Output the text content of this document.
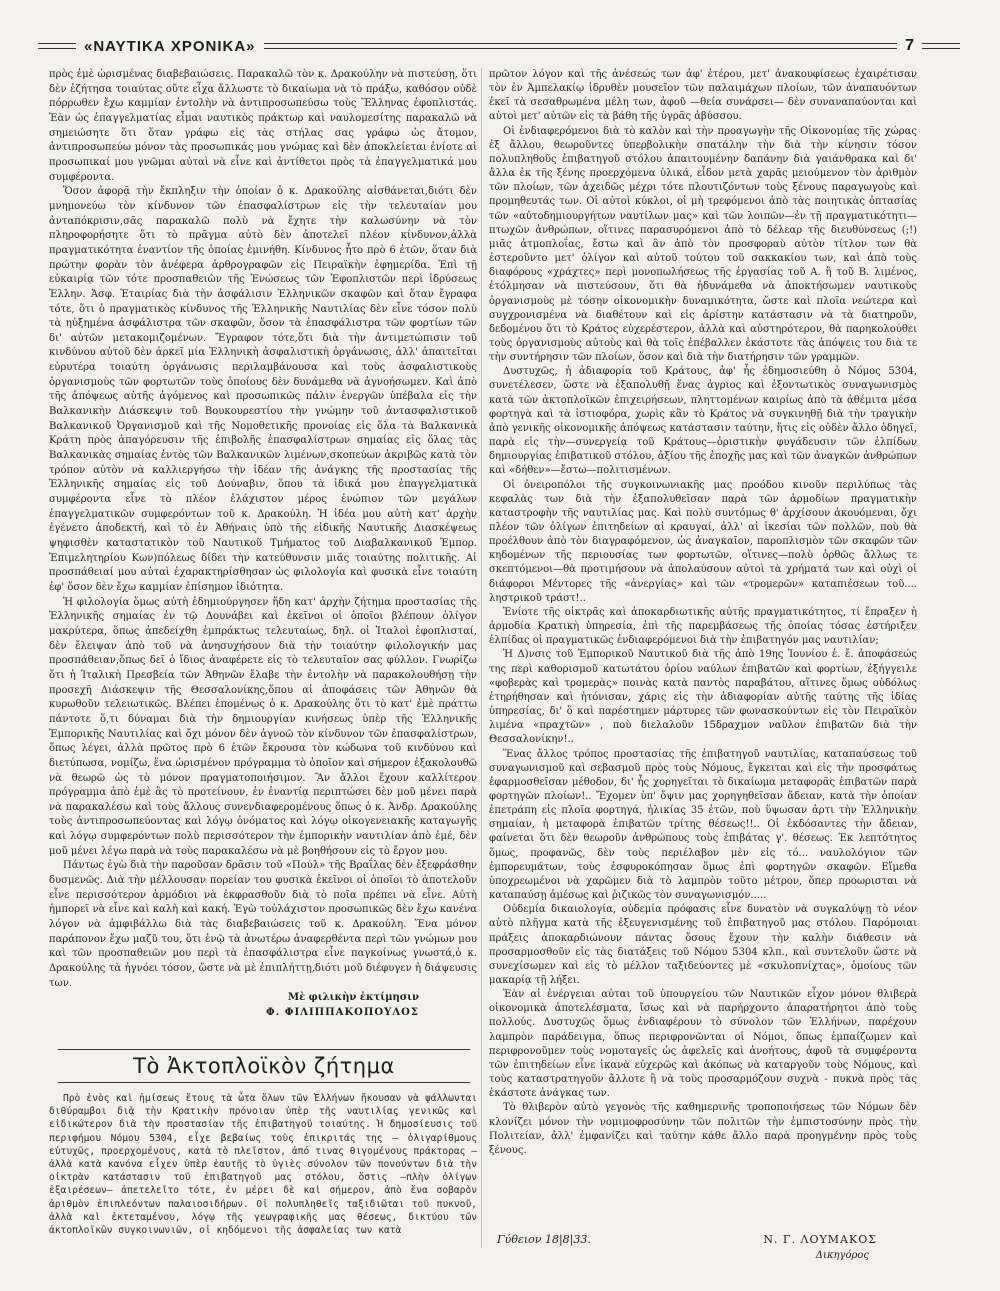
«ΝΑΥΤΙΚΑ ΧΡΟΝΙΚΑ»	7

πρὸς ἐμὲ ὡρισμένας διαβεβαιώσεις. Παρακαλῶ τὸν κ. Δρακούλην νὰ πιστεύσῃ, ὅτι δὲν ἐζήτησα τοιαύτας οὔτε εἶχα ἄλλωστε τὸ δικαίωμα νὰ τὸ πράξω, καθόσον οὐδὲ πόρρωθεν ἔχω καμμίαν ἐντολὴν νὰ ἀντιπροσωπεύσω τοὺς Ἕλληνας ἐφοπλιστάς. Ἐὰν ὡς ἐπαγγελματίας εἶμαι ναυτικὸς πράκτωρ καὶ ναυλομεσίτης παρακαλῶ νὰ σημειώσητε ὅτι ὅταν γράφω εἰς τὰς στήλας σας γράφω ὡς ἄτομον, ἀντιπροσωπεύω μόνον τὰς προσωπικάς μου γνώμας καὶ δὲν ἀποκλείεται ἐνίοτε αἱ προσωπικαί μου γνῶμαι αὐταὶ νὰ εἶνε καὶ ἀντίθετοι πρὸς τὰ ἐπαγγελματικά μου συμφέροντα.

Ὅσον ἀφορᾷ τὴν ἔκπληξιν τὴν ὁποίαν ὁ κ. Δρακούλης αἰσθάνεται,διότι δὲν μνημονεύω τὸν κίνδυνον τῶν ἐπασφαλίστρων εἰς τὴν τελευταίαν μου ἀνταπόκρισιν,σᾶς παρακαλῶ πολὺ νὰ ἔχητε τὴν καλωσύνην νὰ τὸν πληροφορήσητε ὅτι τὸ πρᾶγμα αὐτὸ δὲν ἀποτελεῖ πλέον κίνδυνον,ἀλλὰ πραγματικότητα ἐναντίον τῆς ὁποίας ἐμινήθη. Κίνδυνος ἦτο πρὸ 6 ἐτῶν, ὅταν διὰ πρώτην φορὰν τὸν ἀνέφερα ἀρθρογραφῶν εἰς Πειραϊκὴν ἐφημερίδα. Ἐπὶ τῇ εὐκαιρίᾳ τῶν τότε προσπαθειῶν τῆς Ἑνώσεως τῶν Ἐφοπλιστῶν περὶ ἱδρύσεως Ἑλλην. Ἀσφ. Ἑταιρίας διὰ τὴν ἀσφάλισιν Ἑλληνικῶν σκαφῶν καὶ ὅταν ἔγραφα τότε, ὅτι ὁ πραγματικὸς κίνδυνος τῆς Ἑλληνικῆς Ναυτιλίας δὲν εἶνε τόσον πολὺ τὰ ηὐξημένα ἀσφάλιστρα τῶν σκαφῶν, ὅσον τὰ ἐπασφάλιστρα τῶν φορτίων τῶν δι' αὐτῶν μετακομιζομένων. Ἔγραφον τότε,ὅτι διὰ τὴν ἀντιμετώπισιν τοῦ κινδύνου αὐτοῦ δὲν ἀρκεῖ μία Ἑλληνικὴ ἀσφαλιστικὴ ὀργάνωσις, ἀλλ' ἀπαιτεῖται εὐρυτέρα τοιαύτη ὀργάνωσις περιλαμβάνουσα καὶ τοὺς ἀσφαλιστικοὺς ὀργανισμοὺς τῶν φορτωτῶν τοὺς ὁποίους δὲν δυνάμεθα νὰ ἀγνοήσωμεν. Καὶ ἀπὸ τῆς ἀπόψεως αὐτῆς ἀγόμενος καὶ προσωπικῶς πάλιν ἐνεργῶν ὑπέβαλα εἰς τὴν Βαλκανικὴν Διάσκεψιν τοῦ Βουκουρεστίου τὴν γνώμην τοῦ ἀντασφαλιστικοῦ Βαλκανικοῦ Ὀργανισμοῦ καὶ τῆς Νομοθετικῆς προνοίας εἰς ὅλα τὰ Βαλκανικὰ Κράτη πρὸς ἀπαγόρευσιν τῆς ἐπιβολῆς ἐπασφαλίστρων σημαίας εἰς ὅλας τὰς Βαλκανικὰς σημαίας ἐντὸς τῶν Βαλκανικῶν λιμένων,σκοπεύων ἀκριβῶς κατὰ τὸν τρόπον αὐτὸν νὰ καλλιεργήσω τὴν ἰδέαν τῆς ἀνάγκης τῆς προστασίας τῆς Ἑλληνικῆς σημαίας εἰς τοῦ Δούναβιν, ὅπου τὰ ἰδικά μου ἐπαγγελματικὰ συμφέροντα εἶνε τὸ πλέον ἐλάχιστον μέρος ἐνώπιον τῶν μεγάλων ἐπαγγελματικῶν συμφερόντων τοῦ κ. Δρακούλη. Ἡ ἰδέα μου αὐτὴ κατ' ἀρχὴν ἐγένετο ἀποδεκτή, καὶ τὸ ἐν Ἀθήναις ὑπὸ τῆς εἰδικῆς Ναυτικῆς Διασκέψεως ψηφισθὲν καταστατικὸν τοῦ Ναυτικοῦ Τμήματος τοῦ Διαβαλκανικοῦ Ἐμπορ. Ἐπιμελητηρίου Κων)πόλεως δίδει τὴν κατεύθυνσιν μιᾶς τοιαύτης πολιτικῆς. Αἱ προσπάθειαί μου αὐταὶ ἐχαρακτηρίσθησαν ὡς φιλολογία καὶ φυσικὰ εἶνε τοιαύτη ἐφ' ὅσον δὲν ἔχω καμμίαν ἐπίσημον ἰδιότητα.

Ἡ φιλολογία ὅμως αὐτὴ ἐδημιούργησεν ἤδη κατ' ἀρχὴν ζήτημα προστασίας τῆς Ἑλληνικῆς σημαίας ἐν τῷ Δουνάβει καὶ ἐκεῖνοι οἱ ὁποῖοι βλέπουν ὀλίγον μακρύτερα, ὅπως ἀπεδείχθη ἐμπράκτως τελευταίως, δηλ. οἱ Ἰταλοὶ ἐφοπλισταί, δὲν ἔλειψαν ἀπὸ τοῦ νὰ ἀνησυχήσουν διὰ τὴν τοιαύτην φιλολογικήν μας προσπάθειαν,ὅπως δεῖ ὁ ἴδιος ἀναφέρετε εἰς τὸ τελευταῖον σας φύλλον. Γνωρίζω ὅτι ἡ Ἰταλικὴ Πρεσβεία τῶν Ἀθηνῶν ἔλαβε τὴν ἐντολὴν νὰ παρακολουθήσῃ τὴν προσεχῆ Διάσκεψιν τῆς Θεσσαλονίκης,ὅπου αἱ ἀποφάσεις τῶν Ἀθηνῶν θὰ κυρωθοῦν τελειωτικῶς. Βλέπει ἑπομένως ὁ κ. Δρακούλης ὅτι τὸ κατ' ἐμὲ πράττω πάντοτε ὅ,τι δύναμαι διὰ τὴν δημιουργίαν κινήσεως ὑπὲρ τῆς Ἑλληνικῆς Ἐμπορικῆς Ναυτιλίας καὶ ὄχι μόνον δὲν ἀγνοῶ τὸν κίνδυνον τῶν ἐπασφαλίστρων, ὅπως λέγει, ἀλλὰ πρῶτος πρὸ 6 ἐτῶν ἔκρουσα τὸν κώδωνα τοῦ κινδύνου καὶ διετύπωσα, νομίζω, ἕνα ὡρισμένον πρόγραμμα τὸ ὁποῖον καὶ σήμερον ἐξακολουθῶ νὰ θεωρῶ ὡς τὸ μόνον πραγματοποιήσιμον. Ἂν ἄλλοι ἔχουν καλλίτερον πρόγραμμα ἀπὸ ἐμὲ ἂς τὸ προτείνουν, ἐν ἐναντίᾳ περιπτώσει δὲν μοῦ μένει παρὰ νὰ παρακαλέσω καὶ τοὺς ἄλλους συνενδιαφερομένους ὅπως ὁ κ. Ἀνδρ. Δρακούλης τοὺς ἀντιπροσωπεύοντας καὶ λόγῳ ὀνόματος καὶ λόγῳ οἰκογενειακῆς καταγωγῆς καὶ λόγῳ συμφερόντων πολὺ περισσότερον τὴν ἐμπορικὴν ναυτιλίαν ἀπὸ ἐμέ, δὲν μοῦ μένει λέγω παρὰ νὰ τοὺς παρακαλέσω νὰ μὲ βοηθήσουν εἰς τὸ ἔργον μου.

Πάντως ἐγὼ διὰ τὴν παροῦσαν δρᾶσιν τοῦ «Πούλ» τῆς Βραΐλας δὲν ἐξεφράσθην δυσμενῶς. Διὰ τὴν μέλλουσαν πορείαν του φυσικὰ ἐκεῖνοι οἱ ὁποῖοι τὸ ἀποτελοῦν εἶνε περισσότερον ἁρμόδιοι νὰ ἐκφρασθοῦν διὰ τὸ ποῖα πρέπει νὰ εἶνε. Αὐτὴ ἡμπορεῖ νὰ εἶνε καὶ καλὴ καὶ κακή. Ἐγὼ τοὐλάχιστον προσωπικῶς δὲν ἔχω κανένα λόγον νὰ ἀμφιβάλλω διὰ τὰς διαβεβαιώσεις τοῦ κ. Δρακούλη. Ἕνα μόνον παράπονον ἔχω μαζῦ του, ὅτι ἐνῷ τὰ ἀνωτέρω ἀναφερθέντα περὶ τῶν γνώμων μου καὶ τῶν προσπαθειῶν μου περὶ τὰ ἐπασφάλιστρα εἶνε παγκοίνως γνωστά,ὁ κ. Δρακούλης τὰ ἠγνόει τόσον, ὥστε νὰ μὲ ἐπιπλήττῃ,διότι μοῦ διέφυγεν ἡ διάψευσις των.

Μὲ φιλικὴν ἐκτίμησιν

Φ. ΦΙΛΙΠΠΑΚΟΠΟΥΛΟΣ

Τὸ Ἀκτοπλοϊκὸν ζήτημα

Πρὸ ἑνὸς καὶ ἡμίσεως ἔτους τὰ ὦτα ὅλων τῶν Ἑλλήνων ἤκουσαν νὰ ψάλλωνται διθύραμβοι διὰ τὴν Κρατικὴν πρόνοιαν ὑπὲρ τῆς ναυτιλίας γενικῶς καὶ εἰδικώτερον διὰ τὴν προστασίαν τῆς ἐπιβατηγοῦ τοιαύτης. Ἡ δημοσίευσις τοῦ περιφήμου Νόμου 5304, εἶχε βεβαίως τοὺς ἐπικριτάς της — ὀλιγαρίθμους εὐτυχῶς, προερχομένους, κατὰ τὸ πλεῖστον, ἀπό τινας θιγομένους πράκτορας — ἀλλὰ κατὰ κανόνα εἶχεν ὑπὲρ ἑαυτῆς τὸ ὑγιὲς σύνολον τῶν πονούντων διὰ τὴν οἰκτρὰν κατάστασιν τοῦ ἐπιβατηγοῦ μας στόλου, ὅστις —πλὴν ὀλίγων ἐξαιρέσεων— ἀπετελεῖτο τότε, ἐν μέρει δὲ καὶ σήμερον, ἀπὸ ἕνα σοβαρὸν ἀριθμὸν ἐπιπλεόντων παλαιοσιδήρων. Οἱ πολυπληθεῖς ταξιδιῶται τοῦ πυκνοῦ, ἀλλὰ καὶ ἐκτεταμένου, λόγῳ τῆς γεωγραφικῆς μας θέσεως, δικτύου τῶν ἀκτοπλοϊκῶν συγκοινωνιῶν, οἱ κηδόμενοι τῆς ἀσφαλείας των κατὰ

πρῶτον λόγον καὶ τῆς ἀνέσεώς των ἀφ' ἑτέρου, μετ' ἀνακουφίσεως ἐχαιρέτισαν τὸν ἐν Ἀμπελακίῳ ἱδρυθὲν μουσεῖον τῶν παλαιμάχων πλοίων, τῶν ἀναπαυόντων ἐκεῖ τὰ σεσαθρωμένα μέλη των, ἀφοῦ —θεία συνάρσει— δὲν συναναπαύονται καὶ αὐτοὶ μετ' αὐτῶν εἰς τὰ βάθη τῆς ὑγρᾶς ἀβύσσου.

Οἱ ἐνδιαφερόμενοι διὰ τὸ καλὸν καὶ τὴν προαγωγὴν τῆς Οἰκονομίας τῆς χώρας ἐξ ἄλλου, θεωροῦντες ὑπερβολικὴν σπατάλην τὴν διὰ τὴν κίνησιν τόσον πολυπληθοῦς ἐπιβατηγοῦ στόλου ἀπαιτουμένην δαπάνην διὰ γαιάνθρακα καὶ δι' ἄλλα ἐκ τῆς ξένης προερχόμενα ὑλικά, εἶδον μετὰ χαρᾶς μειούμενον τὸν ἀριθμὸν τῶν πλοίων, τῶν ἀχειδῶς μέχρι τότε πλουτιζόντων τοὺς ξένους παραγωγοὺς καὶ προμηθευτάς των. Οἱ αὐτοὶ κύκλοι, οἱ μὴ τρεφόμενοι ἀπὸ τὰς ποιητικὰς ὀπτασίας τῶν «αὐτοδημιουργήτων ναυτίλων μας» καὶ τῶν λοιπῶν—ἐν τῇ πραγματικότητι—πτωχῶν ἀνθρώπων, οἵτινες παρασυρόμενοι ἀπὸ τὸ δέλεαρ τῆς διευθύνσεως (;!) μιᾶς ἀτμοπλοΐας, ἔστω καὶ ἂν ἀπὸ τὸν προσφοραὺ αὐτὸν τίτλον των θὰ ἐστεροῦντο μετ' ὀλίγον καὶ αὐτοῦ τούτου τοῦ σακκακίου των, καὶ ἀπὸ τοὺς διαφόρους «χράχτες» περὶ μονοπωλήσεως τῆς ἐργασίας τοῦ Α. ἢ τοῦ Β. λιμένος, ἐτόλμησαν νὰ πιστεύσουν, ὅτι θὰ ἠδυνάμεθα νὰ ἀποκτήσωμεν ναυτικοὺς ὀργανισμοὺς μὲ τόσην οἰκονομικὴν δυναμικότητα, ὥστε καὶ πλοῖα νεώτερα καὶ συγχρονισμένα νὰ διαθέτουν καὶ εἰς ἀρίστην κατάστασιν νὰ τὰ διατηροῦν, δεδομένου ὅτι τὸ Κράτος εὐχερέστερον, ἀλλὰ καὶ αὐστηρότερον, θὰ παρηκολούθει τοὺς ὀργανισμοὺς αὐτοὺς καὶ θὰ τοῖς ἐπέβαλλεν ἑκάστοτε τὰς ἀπόψεις του διὰ τε τὴν συντήρησιν τῶν πλοίων, ὅσον καὶ διὰ τὴν διατήρησιν τῶν γραμμῶν.

Δυστυχῶς, ἡ ἀδιαφορία τοῦ Κράτους, ἀφ' ἧς ἐδημοσιεύθη ὁ Νόμος 5304, συνετέλεσεν, ὥστε νὰ ἐξαπολυθῇ ἕνας ἀγριος καὶ ἐξοντωτικὸς συναγωνισμὸς κατὰ τῶν ἀκτοπλοϊκῶν ἐπιχειρήσεων, πληττομένων καιρίως ἀπὸ τὰ ἀθέμιτα μέσα φορτηγὰ καὶ τὰ ἱστιοφόρα, χωρὶς κἂν τὸ Κράτος νὰ συγκινηθῇ διὰ τὴν τραγικὴν ἀπὸ γενικῆς οἰκονομικῆς ἀπόψεως κατάστασιν ταύτην, ἥτις εἰς οὐδὲν ἄλλο ὁδηγεῖ, παρὰ εἰς τὴν—συνεργείᾳ τοῦ Κράτους—ὁριστικὴν φυγάδευσιν τῶν ἐλπίδων δημιουργίας ἐπιβατικοῦ στόλου, ἀξίου τῆς ἐποχῆς μας καὶ τῶν ἀναγκῶν ἀνθρώπων καὶ «δήθεν»—ἔστω—πολιτισμένων.

Οἱ ὀνειροπόλοι τῆς συγκοινωνιακῆς μας προόδου κινοῦν περιλύπως τὰς κεφαλὰς των διὰ τὴν ἐξαπολυθεῖσαν παρὰ τῶν ἁρμοδίων πραγματικὴν καταστροφὴν τῆς ναυτιλίας μας. Καὶ πολὺ συντόμως θ' ἀρχίσουν ἀκουόμεναι, ὄχι πλέον τῶν ὀλίγων ἐπιτηδείων αἱ κραυγαί, ἀλλ' αἱ ἱκεσίαι τῶν πολλῶν, ποὺ θὰ προέλθουν ἀπὸ τὸν διαγραφόμενον, ὡς ἀναγκαῖον, παροπλισμὸν τῶν σκαφῶν τῶν κηδομένων τῆς περιουσίας των φορτωτῶν, οἵτινες—πολὺ ὀρθῶς ἄλλως τε σκεπτόμενοι—θὰ προτιμήσουν νὰ ἀπολαύσουν αὐτοὶ τὰ χρήματά των καὶ οὐχὶ οἱ διάφοροι Μέντορες τῆς «ἀνεργίας» καὶ τῶν «τρομερῶν» καταπιέσεων τοῦ.... ληστρικοῦ τράστ!..

Ἐνίοτε τῆς οἰκτρᾶς καὶ ἀποκαρδιωτικῆς αὐτῆς πραγματικότητος, τί ἔπραξεν ἡ ἁρμοδία Κρατικὴ ὑπηρεσία, ἐπὶ τῆς παρεμβάσεως τῆς ὁποίας τόσας ἐστήριξεν ἐλπίδας οἱ πραγματικῶς ἐνδιαφερόμενοι διὰ τὴν ἐπιβατηγόν μας ναυτιλίαν;

Ἡ Δ)νσις τοῦ Ἐμπορικοῦ Ναυτικοῦ διὰ τῆς ἀπὸ 19ης Ἰουνίου ἐ. ἔ. ἀποφάσεώς της περὶ καθορισμοῦ κατωτάτου ὁρίου ναύλων ἐπιβατῶν καὶ φορτίων, ἐξήγγειλε «φοβερὰς καὶ τρομερὰς» ποινὰς κατὰ παντὸς παραβάτου, αἵτινες ὅμως οὐδόλως ἐτηρήθησαν καὶ ἠτόνισαν, χάρις εἰς τὴν ἀδιαφορίαν αὐτῆς ταύτης τῆς ἰδίας ὑπηρεσίας, δι' ὃ καὶ παρέστημεν μάρτυρες τῶν φωνασκούντων εἰς τὸν Πειραϊκὸν λιμένα «πραχτῶν» , ποὺ διελαλοῦν 15δραχμον ναῦλον ἐπιβατῶν διὰ τὴν Θεσσαλονίκην!..

Ἕνας ἄλλος τρόπος προστασίας τῆς ἐπιβατηγοῦ ναυτιλίας, καταπαύσεως τοῦ συναγωνισμοῦ καὶ σεβασμοῦ πρὸς τοὺς Νόμους, ἔγκειται καὶ εἰς τὴν προσφάτως ἐφαρμοσθεῖσαν μέθοδον, δι' ἧς χορηγεῖται τὸ δικαίωμα μεταφορᾶς ἐπιβατῶν παρὰ φορτηγῶν πλοίων!.. Ἔχομεν ὑπ' ὄψιν μας χορηγηθεῖσαν ἄδειαν, κατὰ τὴν ὁποίαν ἐπετράπη εἰς πλοῖα φορτηγά, ἡλικίας 35 ἐτῶν, ποὺ ὕψωσαν ἀρτι τὴν Ἑλληνικὴν σημαίαν, ἡ μεταφορὰ ἐπιβατῶν τρίτης θέσεως!!.. Οἱ ἐκδόσαντες τὴν ἄδειαν, φαίνεται ὅτι δὲν θεωροῦν ἀνθρώπους τοὺς ἐπιβάτας γ'. θέσεως. Ἐκ λεπτότητος ὅμως, προφανῶς, δὲν τοὺς περιέλαβον μὲν εἰς τό... ναυλολόγιον τῶν ἐμπορευμάτων, τοὺς ἐσφυροκόπησαν ὅμως ἐπὶ φορτηγῶν σκαφῶν. Εἴμεθα ὑποχρεωμένοι νὰ χαρῶμεν διὰ τὸ λαμπρὸν τοῦτο μέτρον, ὅπερ προωρισται νὰ καταπαύσῃ ἀμέσως καὶ ῥιζικῶς τὸν συναγωνισμόν.....

Οὐδεμία δικαιολογία, οὐδεμία πρόφασις εἶνε δυνατὸν νὰ συγκαλύψῃ τὸ νέον αὐτὸ πλῆγμα κατὰ τῆς ἐξευγενισμένης τοῦ ἐπιβατηγοῦ μας στόλου. Παρόμοιαι πράξεις ἀποκαρδιώνουν πάντας ὅσους ἔχουν τὴν καλὴν διάθεσιν νὰ προσαρμοσθοῦν εἰς τὰς διατάξεις τοῦ Νόμου 5304 κλπ., καὶ συντελοῦν ὥστε νὰ συνεχίσωμεν καὶ εἰς τὸ μέλλον ταξιδεύοντες μὲ «σκυλοπνίχτας», ὁμοίους τῶν μακαρίᾳ τῇ λήξει.

Ἐὰν αἱ ἐνέργειαι αὐται τοῦ ὑπουργείου τῶν Ναυτικῶν εἶχον μόνον θλιβερὰ οἰκονομικὰ ἀποτελέσματα, ἴσως καὶ νὰ παρήρχοντο ἀπαρατήρητοι ἀπὸ τοὺς πολλούς. Δυστυχῶς ὅμως ἐνδιαφέρουν τὸ σύνολον τῶν Ἑλλήνων, παρέχουν λαμπρὸν παράδειγμα, ὅπως περιφρονῶνται οἱ Νόμοι, ὅπως ἐμπαίζωμεν καὶ περιφρονοῦμεν τοὺς νομοταγεῖς ὡς ἀφελεῖς καὶ ἀνοήτους, ἀφοῦ τὰ συμφέροντα τῶν ἐπιτηδείων εἶνε ἱκανὰ εὐχερῶς καὶ ἀκόπως νὰ καταργοῦν τοὺς Νόμους, καὶ τοὺς καταστρατηγοῦν ἄλλοτε ἢ νὰ τοὺς προσαρμόζουν συχνὰ - πυκνὰ πρὸς τὰς ἑκάστοτε ἀνάγκας των.

Τὸ θλιβερὸν αὐτὸ γεγονὸς τῆς καθημερινῆς τροποποιήσεως τῶν Νόμων δὲν κλονίζει μόνον τὴν νομιμοφροσύνην τῶν πολιτῶν τὴν ἐμπιστοσύνην πρὸς τὴν Πολιτείαν, ἀλλ' ἐμφανίζει καὶ ταύτην κάθε ἄλλο παρὰ προηγμένην πρὸς τοὺς ξένους.

Γύθειον 18|8|33.	Ν. Γ. ΛΟΥΜΑΚΟΣ
Δικηγόρος
